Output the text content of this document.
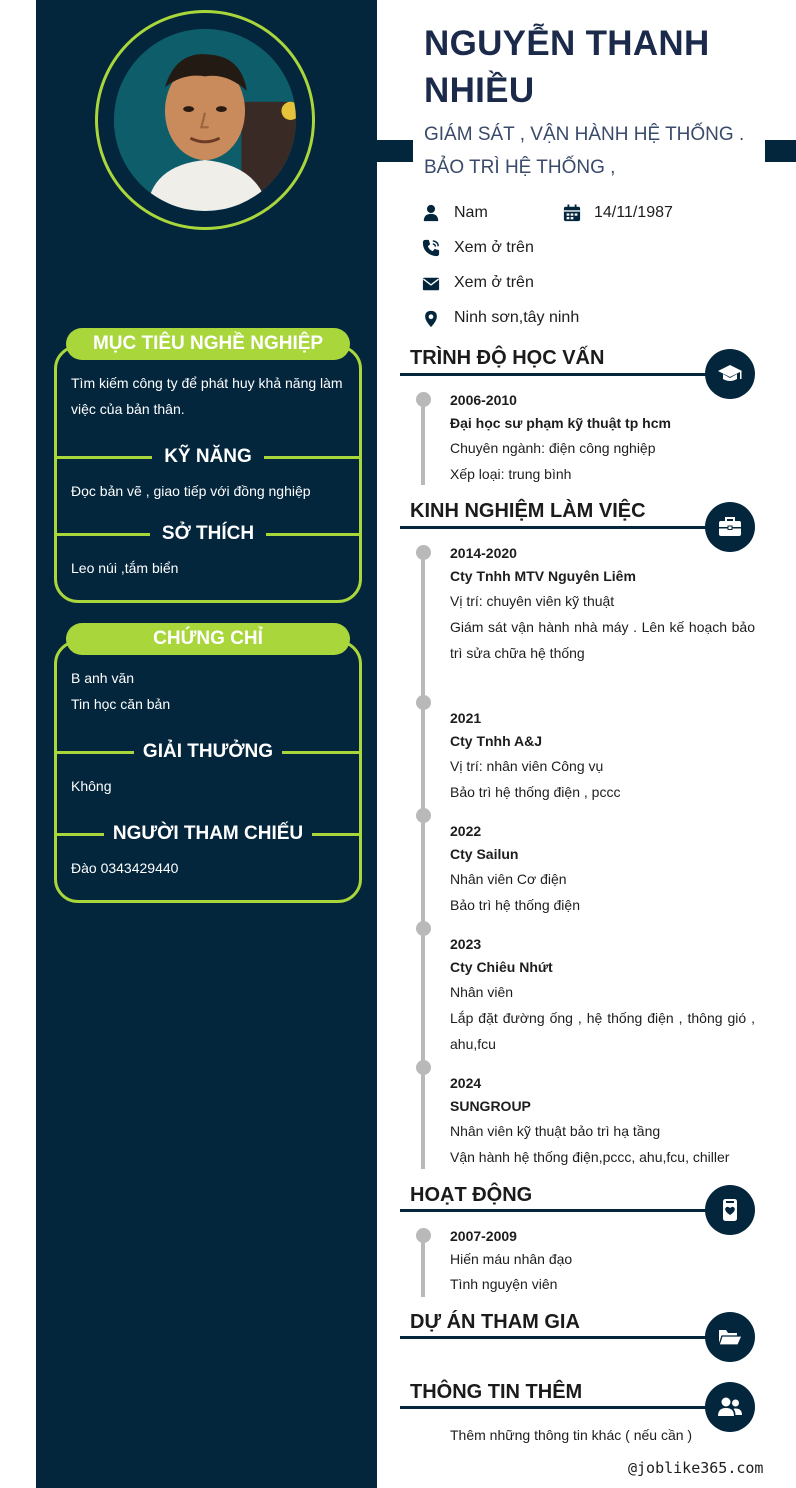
MỤC TIÊU NGHỀ NGHIỆP
Tìm kiếm công ty để phát huy khả năng làm việc của bản thân.
KỸ NĂNG
Đọc bản vẽ , giao tiếp với đồng nghiệp
SỞ THÍCH
Leo núi ,tắm biển
CHỨNG CHỈ
B anh văn
Tin học căn bản
GIẢI THƯỞNG
Không
NGƯỜI THAM CHIẾU
Đào 0343429440
NGUYỄN THANH NHIỀU
GIÁM SÁT , VẬN HÀNH HỆ THỐNG . BẢO TRÌ HỆ THỐNG ,
Nam	14/11/1987
Xem ở trên
Xem ở trên
Ninh sơn,tây ninh
TRÌNH ĐỘ HỌC VẤN
2006-2010
Đại học sư phạm kỹ thuật tp hcm
Chuyên ngành: điện công nghiệp
Xếp loại: trung bình
KINH NGHIỆM LÀM VIỆC
2014-2020
Cty Tnhh MTV Nguyên Liêm
Vị trí: chuyên viên kỹ thuật
Giám sát vận hành nhà máy . Lên kế hoạch bảo trì sửa chữa hệ thống
2021
Cty Tnhh A&J
Vị trí: nhân viên Công vụ
Bảo trì hệ thống điện , pccc
2022
Cty Sailun
Nhân viên Cơ điện
Bảo trì hệ thống điện
2023
Cty Chiêu Nhứt
Nhân viên
Lắp đặt đường ống , hệ thống điện , thông gió , ahu,fcu
2024
SUNGROUP
Nhân viên kỹ thuật bảo trì hạ tầng
Vận hành hệ thống điện,pccc, ahu,fcu, chiller
HOẠT ĐỘNG
2007-2009
Hiến máu nhân đạo
Tình nguyện viên
DỰ ÁN THAM GIA
THÔNG TIN THÊM
Thêm những thông tin khác ( nếu cần )
@joblike365.com
